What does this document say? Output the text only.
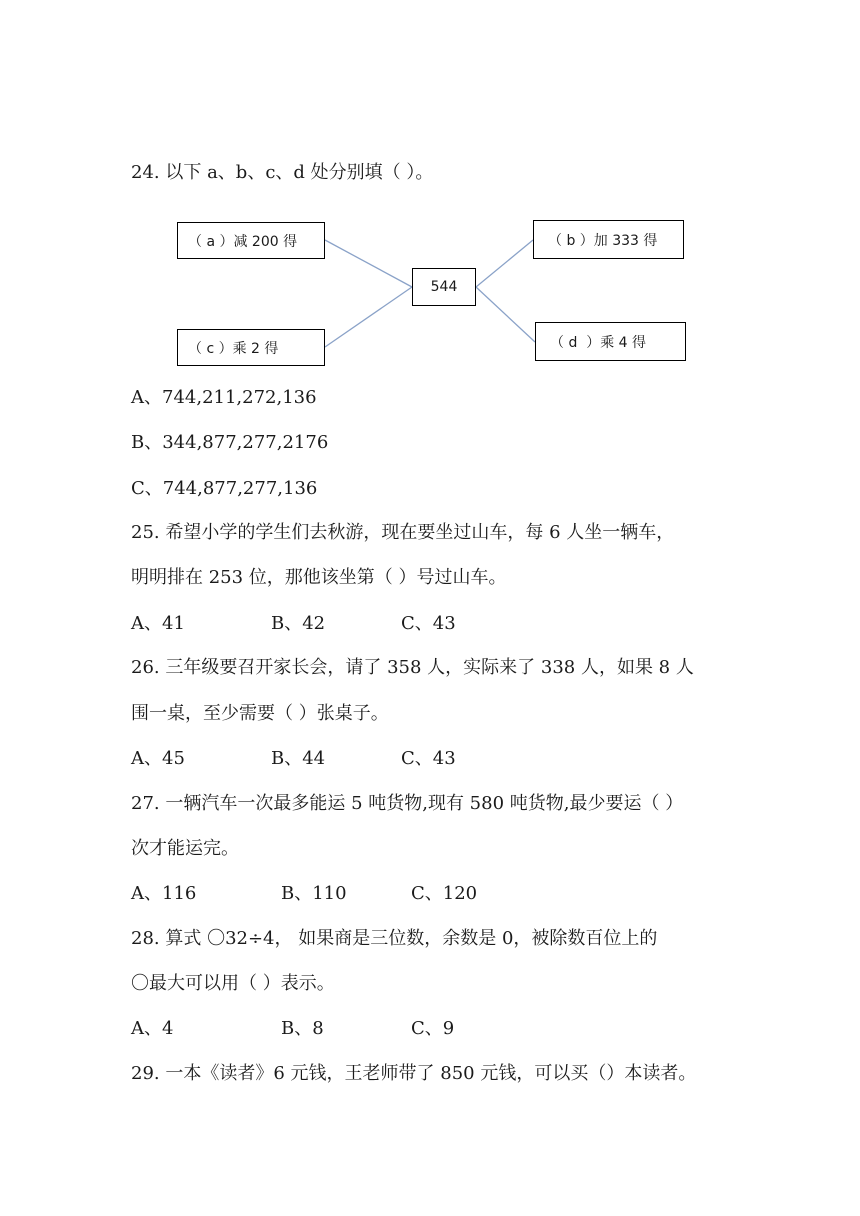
24. 以下 a、b、c、d 处分别填（ ）。
（ a ）减 200 得
（ c ）乘 2 得
544
（ b ）加 333 得
（ d  ）乘 4 得
A、744,211,272,136
B、344,877,277,2176
C、744,877,277,136
25. 希望小学的学生们去秋游，现在要坐过山车，每 6 人坐一辆车，
明明排在 253 位，那他该坐第（ ）号过山车。
A、41	B、42	C、43
26. 三年级要召开家长会，请了 358 人，实际来了 338 人，如果 8 人
围一桌，至少需要（ ）张桌子。
A、45	B、44	C、43
27. 一辆汽车一次最多能运 5 吨货物,现有 580 吨货物,最少要运（ ）
次才能运完。
A、116	B、110	C、120
28. 算式 〇32÷4， 如果商是三位数，余数是 0，被除数百位上的
〇最大可以用（ ）表示。
A、4	B、8	C、9
29. 一本《读者》6 元钱，王老师带了 850 元钱，可以买（）本读者。
